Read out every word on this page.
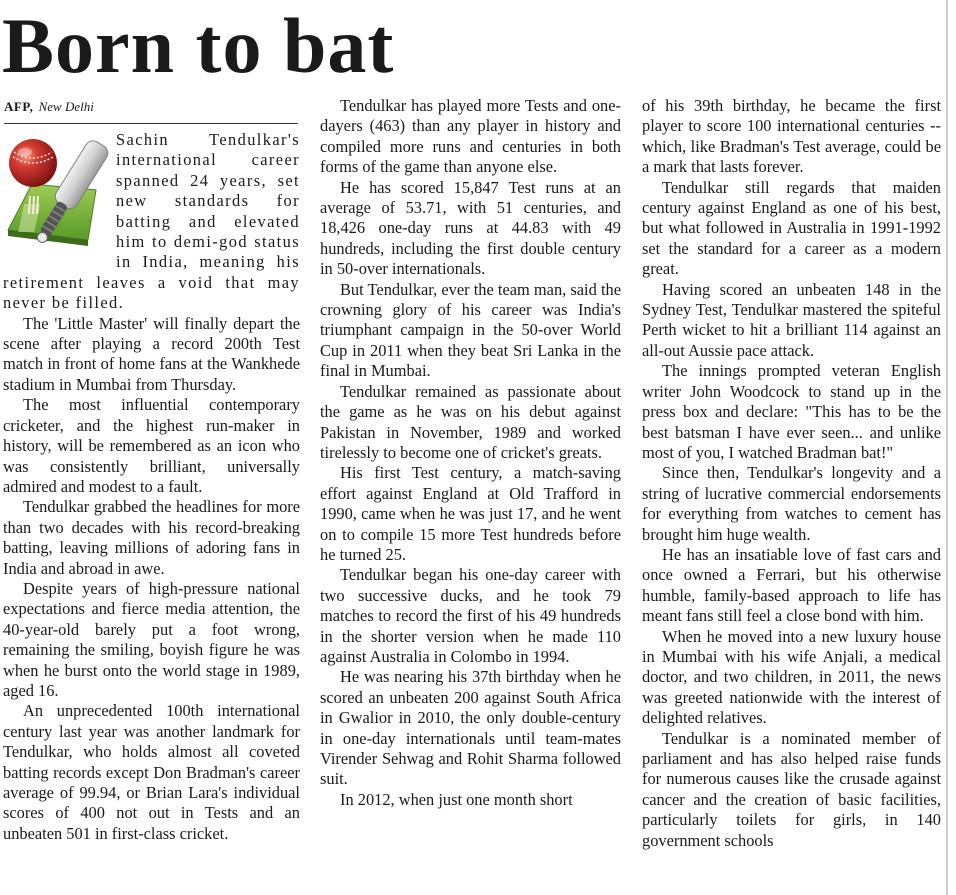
Born to bat
AFP, New Delhi

Sachin Tendulkar's international career spanned 24 years, set new standards for batting and elevated him to demi-god status in India, meaning his retirement leaves a void that may never be filled.

The 'Little Master' will finally depart the scene after playing a record 200th Test match in front of home fans at the Wankhede stadium in Mumbai from Thursday.

The most influential contemporary cricketer, and the highest run-maker in history, will be remembered as an icon who was consistently brilliant, universally admired and modest to a fault.

Tendulkar grabbed the headlines for more than two decades with his record-breaking batting, leaving millions of adoring fans in India and abroad in awe.

Despite years of high-pressure national expectations and fierce media attention, the 40-year-old barely put a foot wrong, remaining the smiling, boyish figure he was when he burst onto the world stage in 1989, aged 16.

An unprecedented 100th international century last year was another landmark for Tendulkar, who holds almost all coveted batting records except Don Bradman's career average of 99.94, or Brian Lara's individual scores of 400 not out in Tests and an unbeaten 501 in first-class cricket.

Tendulkar has played more Tests and one-dayers (463) than any player in history and compiled more runs and centuries in both forms of the game than anyone else.

He has scored 15,847 Test runs at an average of 53.71, with 51 centuries, and 18,426 one-day runs at 44.83 with 49 hundreds, including the first double century in 50-over internationals.

But Tendulkar, ever the team man, said the crowning glory of his career was India's triumphant campaign in the 50-over World Cup in 2011 when they beat Sri Lanka in the final in Mumbai.

Tendulkar remained as passionate about the game as he was on his debut against Pakistan in November, 1989 and worked tirelessly to become one of cricket's greats.

His first Test century, a match-saving effort against England at Old Trafford in 1990, came when he was just 17, and he went on to compile 15 more Test hundreds before he turned 25.

Tendulkar began his one-day career with two successive ducks, and he took 79 matches to record the first of his 49 hundreds in the shorter version when he made 110 against Australia in Colombo in 1994.

He was nearing his 37th birthday when he scored an unbeaten 200 against South Africa in Gwalior in 2010, the only double-century in one-day internationals until team-mates Virender Sehwag and Rohit Sharma followed suit.

In 2012, when just one month short

of his 39th birthday, he became the first player to score 100 international centuries -- which, like Bradman's Test average, could be a mark that lasts forever.

Tendulkar still regards that maiden century against England as one of his best, but what followed in Australia in 1991-1992 set the standard for a career as a modern great.

Having scored an unbeaten 148 in the Sydney Test, Tendulkar mastered the spiteful Perth wicket to hit a brilliant 114 against an all-out Aussie pace attack.

The innings prompted veteran English writer John Woodcock to stand up in the press box and declare: "This has to be the best batsman I have ever seen... and unlike most of you, I watched Bradman bat!"

Since then, Tendulkar's longevity and a string of lucrative commercial endorsements for everything from watches to cement has brought him huge wealth.

He has an insatiable love of fast cars and once owned a Ferrari, but his otherwise humble, family-based approach to life has meant fans still feel a close bond with him.

When he moved into a new luxury house in Mumbai with his wife Anjali, a medical doctor, and two children, in 2011, the news was greeted nationwide with the interest of delighted relatives.

Tendulkar is a nominated member of parliament and has also helped raise funds for numerous causes like the crusade against cancer and the creation of basic facilities, particularly toilets for girls, in 140 government schools
